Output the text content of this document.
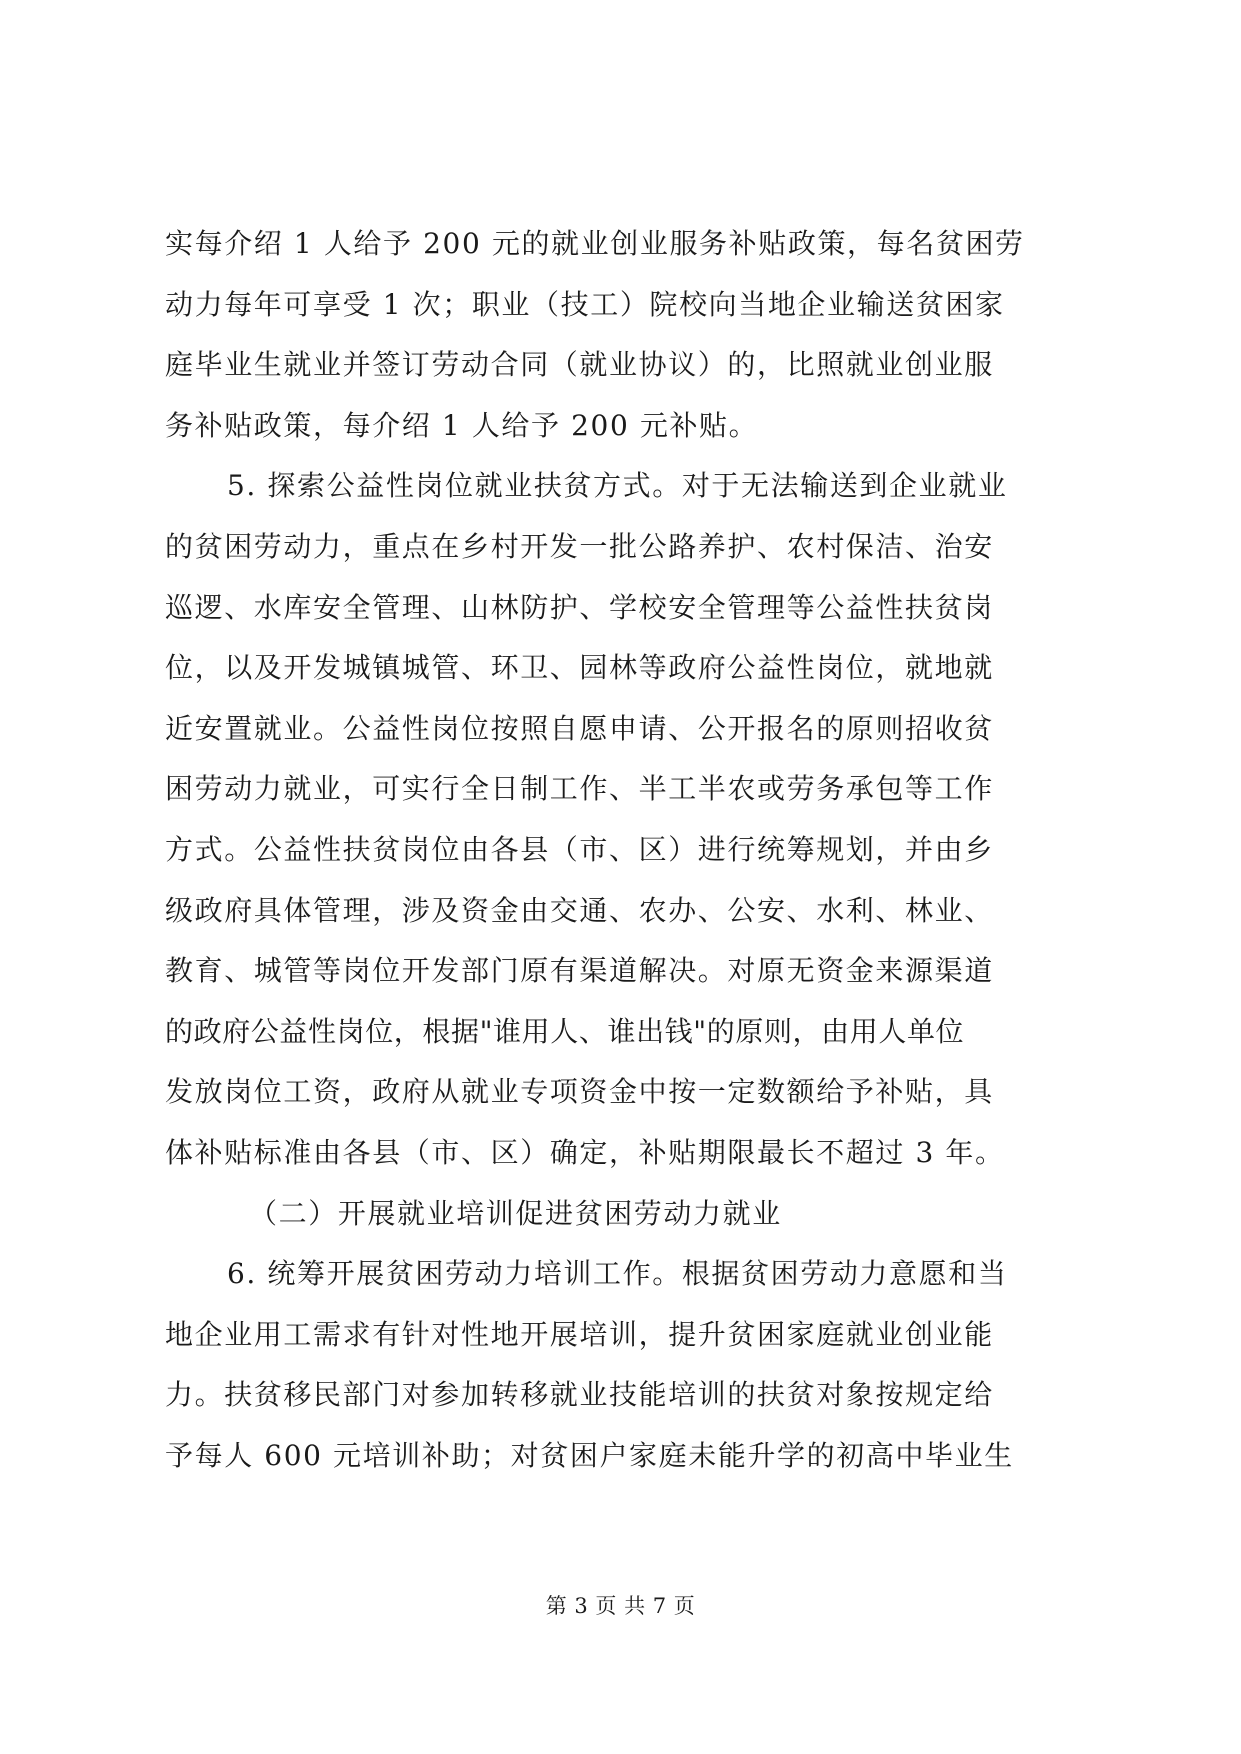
实每介绍 1 人给予 200 元的就业创业服务补贴政策，每名贫困劳
动力每年可享受 1 次；职业（技工）院校向当地企业输送贫困家
庭毕业生就业并签订劳动合同（就业协议）的，比照就业创业服
务补贴政策，每介绍 1 人给予 200 元补贴。
5. 探索公益性岗位就业扶贫方式。对于无法输送到企业就业
的贫困劳动力，重点在乡村开发一批公路养护、农村保洁、治安
巡逻、水库安全管理、山林防护、学校安全管理等公益性扶贫岗
位，以及开发城镇城管、环卫、园林等政府公益性岗位，就地就
近安置就业。公益性岗位按照自愿申请、公开报名的原则招收贫
困劳动力就业，可实行全日制工作、半工半农或劳务承包等工作
方式。公益性扶贫岗位由各县（市、区）进行统筹规划，并由乡
级政府具体管理，涉及资金由交通、农办、公安、水利、林业、
教育、城管等岗位开发部门原有渠道解决。对原无资金来源渠道
的政府公益性岗位，根据"谁用人、谁出钱"的原则，由用人单位
发放岗位工资，政府从就业专项资金中按一定数额给予补贴，具
体补贴标准由各县（市、区）确定，补贴期限最长不超过 3 年。
（二）开展就业培训促进贫困劳动力就业
6. 统筹开展贫困劳动力培训工作。根据贫困劳动力意愿和当
地企业用工需求有针对性地开展培训，提升贫困家庭就业创业能
力。扶贫移民部门对参加转移就业技能培训的扶贫对象按规定给
予每人 600 元培训补助；对贫困户家庭未能升学的初高中毕业生
第 3 页 共 7 页
